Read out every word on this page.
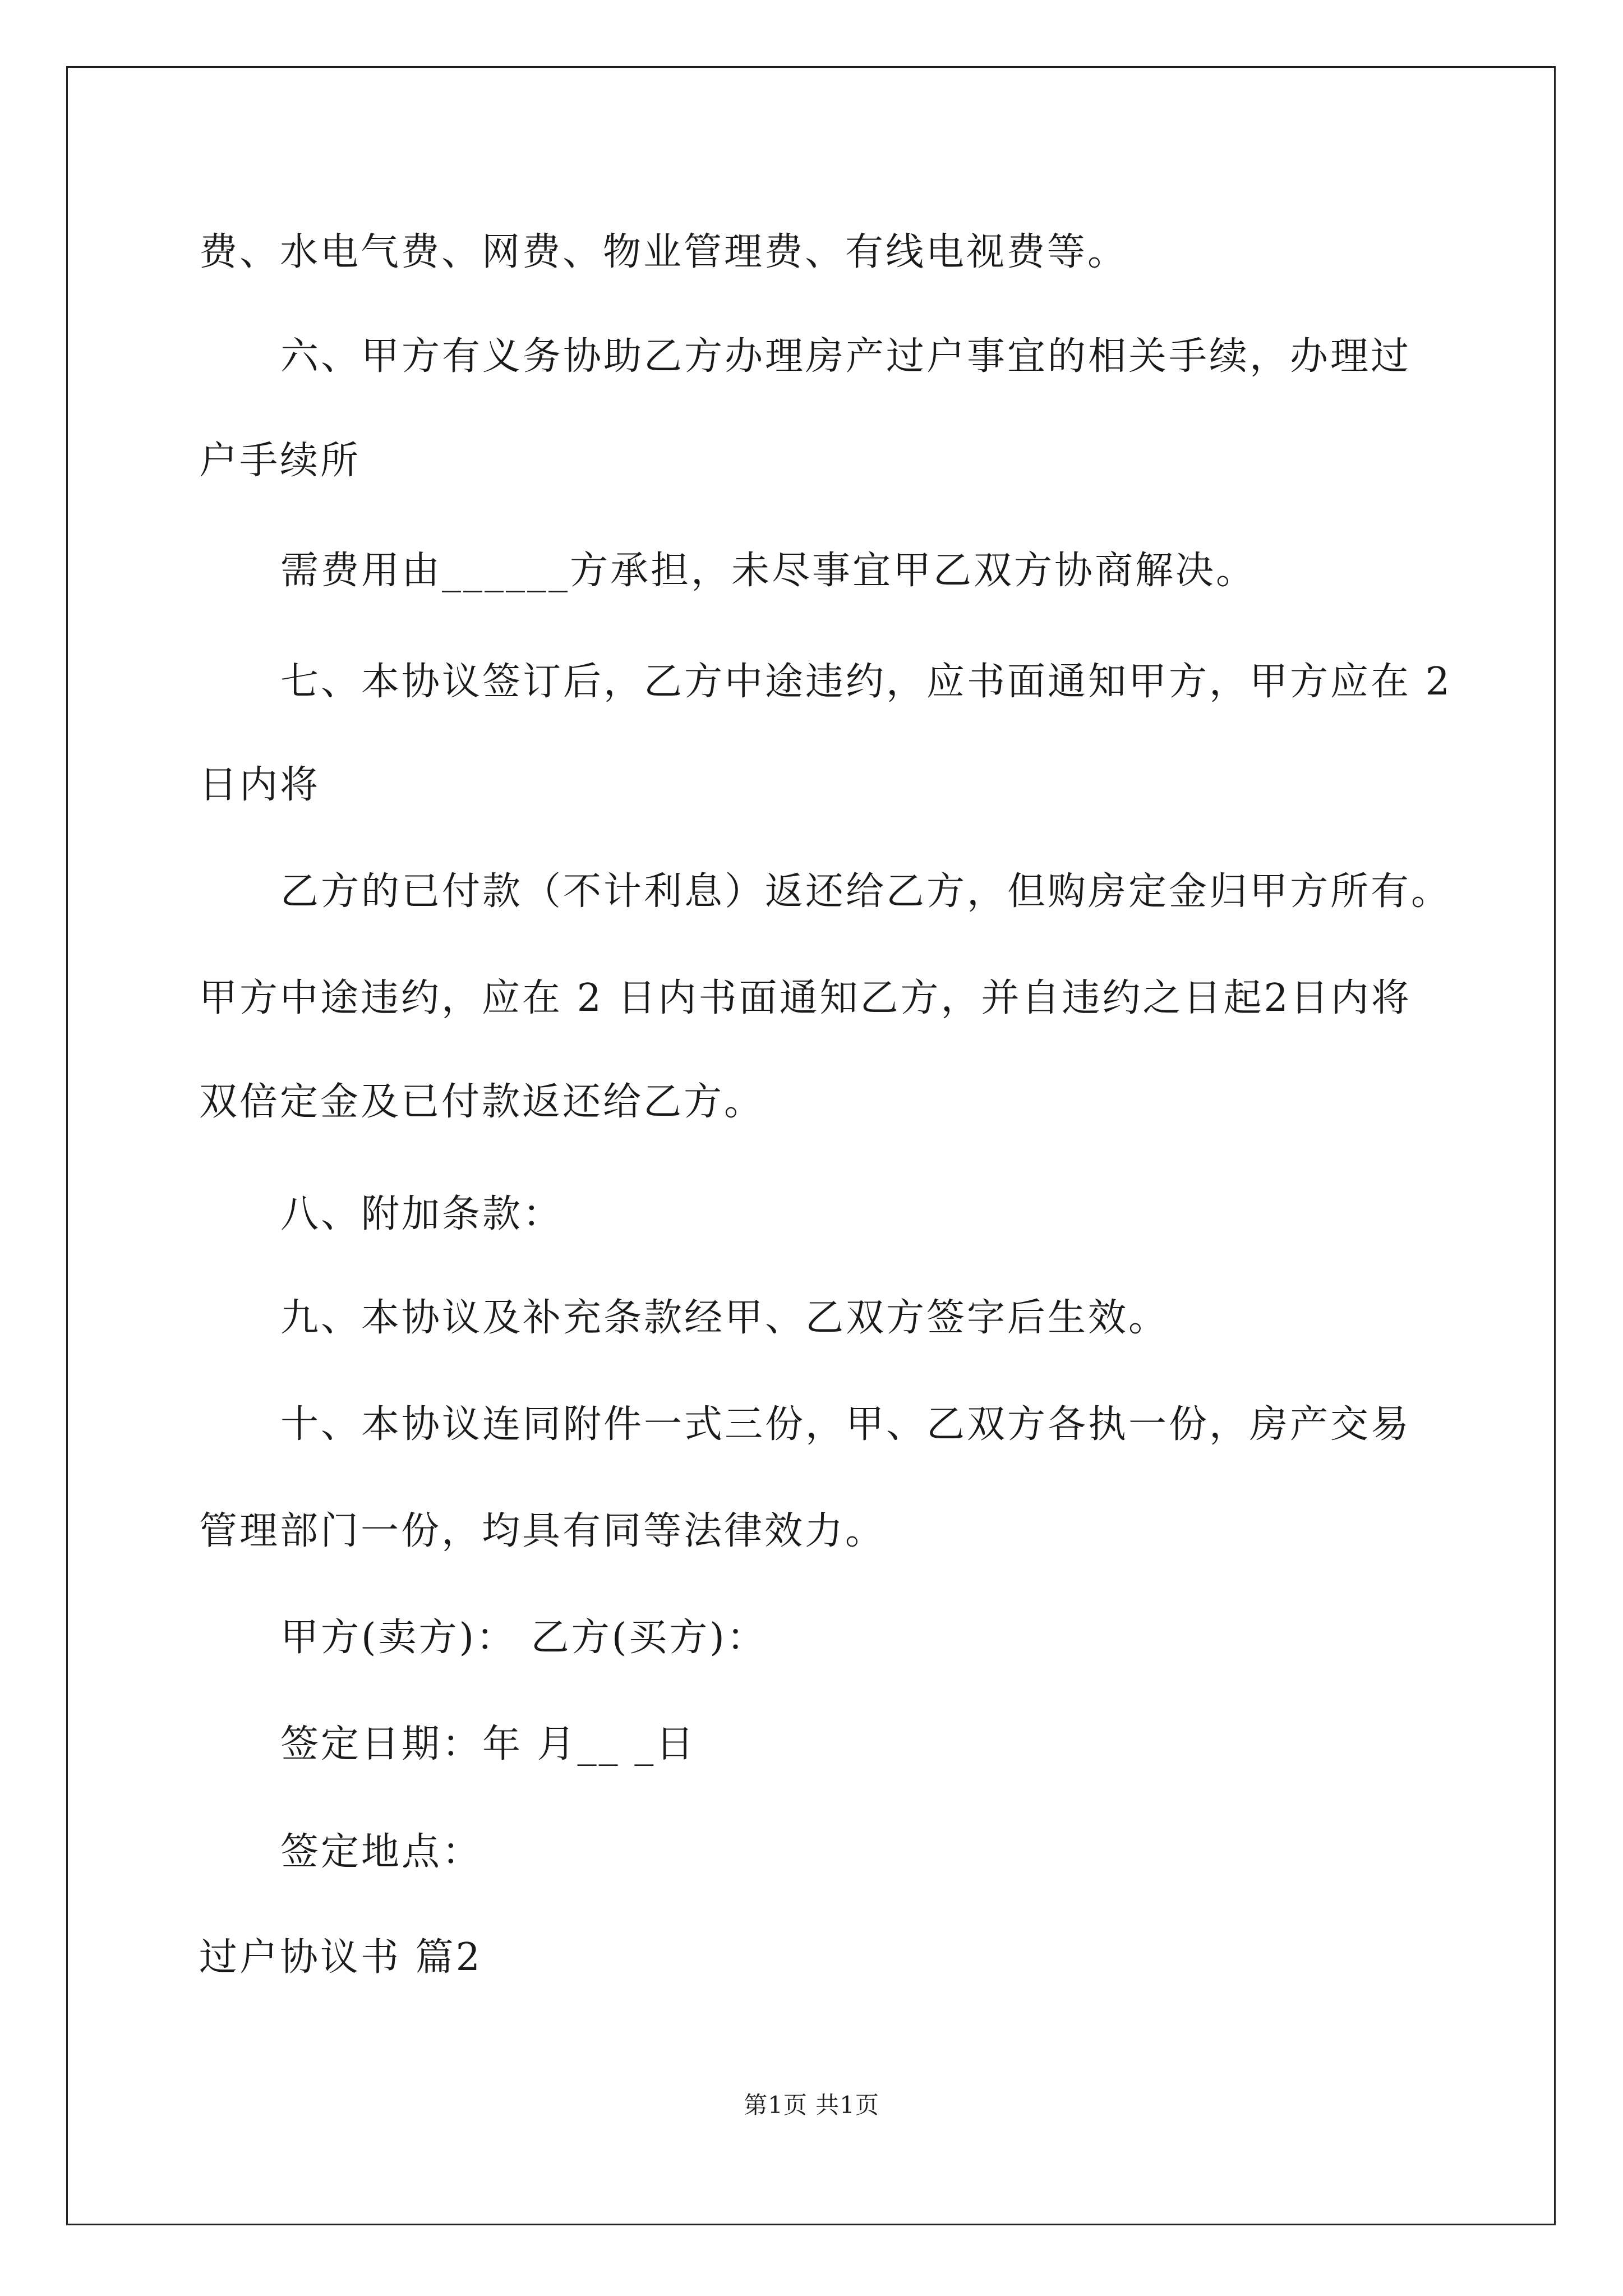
费、水电气费、网费、物业管理费、有线电视费等。
六、甲方有义务协助乙方办理房产过户事宜的相关手续，办理过
户手续所
需费用由______方承担，未尽事宜甲乙双方协商解决。
七、本协议签订后，乙方中途违约，应书面通知甲方，甲方应在 2
日内将
乙方的已付款（不计利息）返还给乙方，但购房定金归甲方所有。
甲方中途违约，应在 2 日内书面通知乙方，并自违约之日起2日内将
双倍定金及已付款返还给乙方。
八、附加条款：
九、本协议及补充条款经甲、乙双方签字后生效。
十、本协议连同附件一式三份，甲、乙双方各执一份，房产交易
管理部门一份，均具有同等法律效力。
甲方(卖方)： 乙方(买方)：
签定日期：年 月__ _日
签定地点：
过户协议书 篇2
第1页 共1页
